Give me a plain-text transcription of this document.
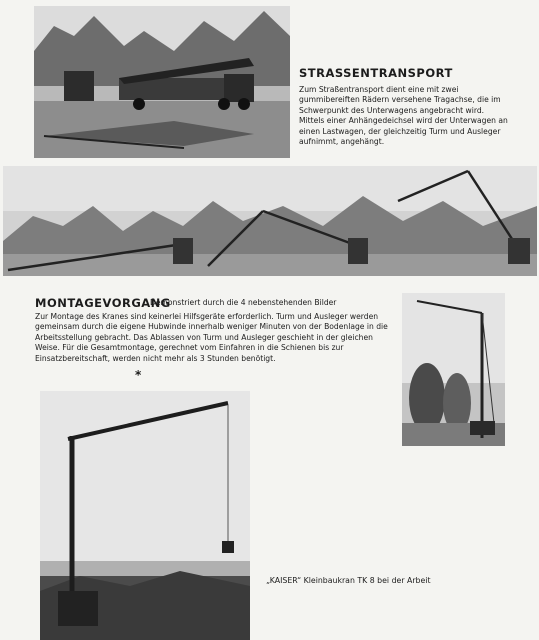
STRASSENTRANSPORT
Zum Straßentransport dient eine mit zwei gummibereiften Rädern versehene Tragachse, die im Schwerpunkt des Unterwagens angebracht wird. Mittels einer Anhängedeichsel wird der Unterwagen an einen Lastwagen, der gleichzeitig Turm und Ausleger aufnimmt, angehängt.
MONTAGEVORGANG
Demonstriert durch die 4 nebenstehenden Bilder
Zur Montage des Kranes sind keinerlei Hilfsgeräte erforderlich. Turm und Ausleger werden gemeinsam durch die eigene Hubwinde innerhalb weniger Minuten von der Bodenlage in die Arbeitsstellung gebracht. Das Ablassen von Turm und Ausleger geschieht in der gleichen Weise. Für die Gesamtmontage, gerechnet vom Einfahren in die Schienen bis zur Einsatzbereitschaft, werden nicht mehr als 3 Stunden benötigt.
*
„KAISER“ Kleinbaukran TK 8 bei der Arbeit
